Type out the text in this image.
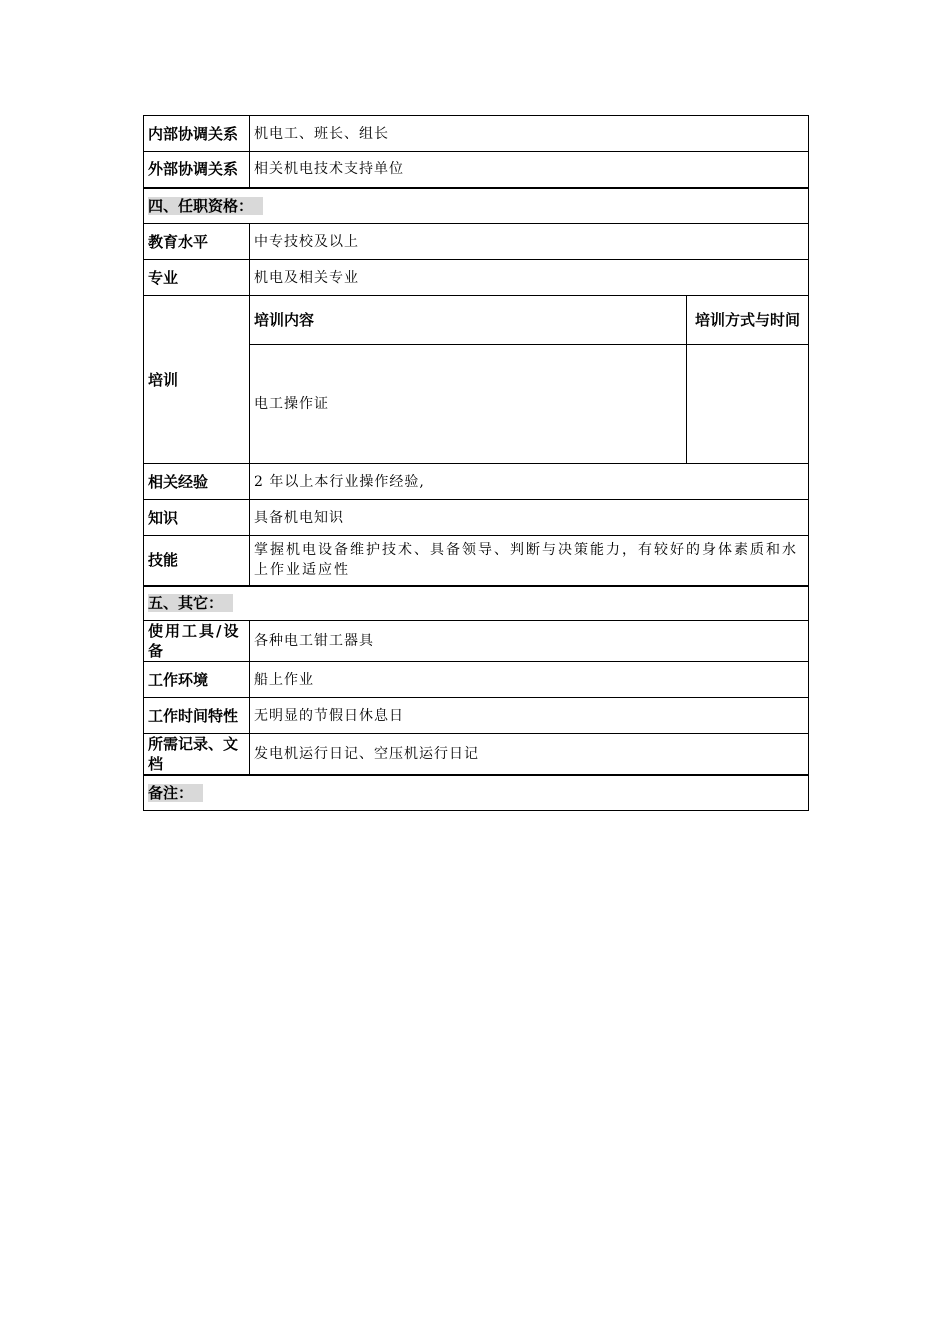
内部协调关系	机电工、班长、组长	
外部协调关系	相关机电技术支持单位	
四、任职资格：		
教育水平	中专技校及以上	
专业	机电及相关专业	
培训	培训内容	培训方式与时间
	电工操作证	
相关经验	2 年以上本行业操作经验,	
知识	具备机电知识	
技能	掌握机电设备维护技术、具备领导、判断与决策能力，有较好的身体素质和水上作业适应性	
五、其它：		
使用工具/设备	各种电工钳工器具	
工作环境	船上作业	
工作时间特性	无明显的节假日休息日	
所需记录、文档	发电机运行日记、空压机运行日记	
备注：		
